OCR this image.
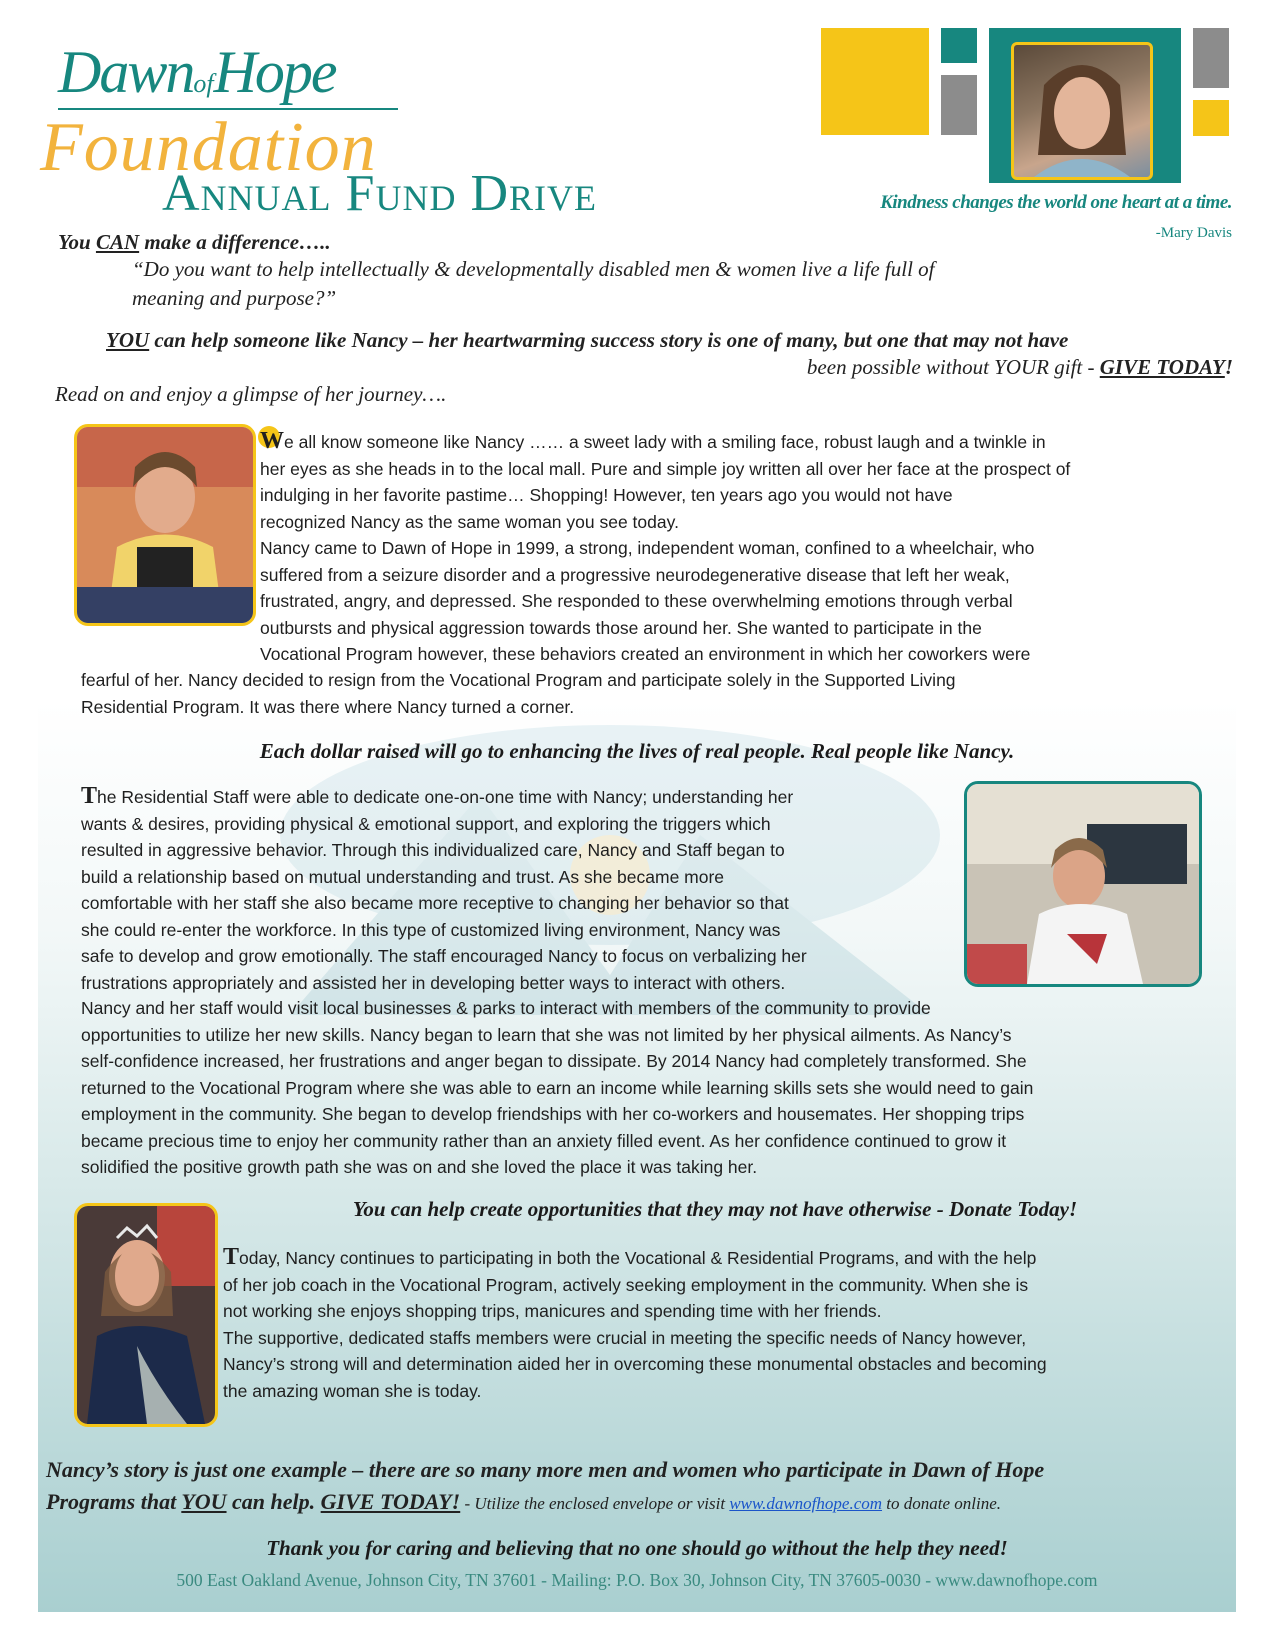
DawnofHope
Foundation
Annual Fund Drive	Kindness changes the world one heart at a time.
-Mary Davis
You CAN make a difference…..
“Do you want to help intellectually & developmentally disabled men & women live a life full of
meaning and purpose?”
YOU can help someone like Nancy – her heartwarming success story is one of many, but one that may not have
been possible without YOUR gift - GIVE TODAY!
Read on and enjoy a glimpse of her journey….
We all know someone like Nancy …… a sweet lady with a smiling face, robust laugh and a twinkle in
her eyes as she heads in to the local mall. Pure and simple joy written all over her face at the prospect of
indulging in her favorite pastime… Shopping! However, ten years ago you would not have
recognized Nancy as the same woman you see today.
Nancy came to Dawn of Hope in 1999, a strong, independent woman, confined to a wheelchair, who
suffered from a seizure disorder and a progressive neurodegenerative disease that left her weak,
frustrated, angry, and depressed. She responded to these overwhelming emotions through verbal
outbursts and physical aggression towards those around her. She wanted to participate in the
Vocational Program however, these behaviors created an environment in which her coworkers were
fearful of her. Nancy decided to resign from the Vocational Program and participate solely in the Supported Living
Residential Program. It was there where Nancy turned a corner.
Each dollar raised will go to enhancing the lives of real people. Real people like Nancy.
The Residential Staff were able to dedicate one-on-one time with Nancy; understanding her
wants & desires, providing physical & emotional support, and exploring the triggers which
resulted in aggressive behavior. Through this individualized care, Nancy and Staff began to
build a relationship based on mutual understanding and trust. As she became more
comfortable with her staff she also became more receptive to changing her behavior so that
she could re-enter the workforce. In this type of customized living environment, Nancy was
safe to develop and grow emotionally. The staff encouraged Nancy to focus on verbalizing her
frustrations appropriately and assisted her in developing better ways to interact with others.
Nancy and her staff would visit local businesses & parks to interact with members of the community to provide
opportunities to utilize her new skills. Nancy began to learn that she was not limited by her physical ailments. As Nancy’s
self-confidence increased, her frustrations and anger began to dissipate. By 2014 Nancy had completely transformed. She
returned to the Vocational Program where she was able to earn an income while learning skills sets she would need to gain
employment in the community. She began to develop friendships with her co-workers and housemates. Her shopping trips
became precious time to enjoy her community rather than an anxiety filled event. As her confidence continued to grow it
solidified the positive growth path she was on and she loved the place it was taking her.
You can help create opportunities that they may not have otherwise - Donate Today!
Today, Nancy continues to participating in both the Vocational & Residential Programs, and with the help
of her job coach in the Vocational Program, actively seeking employment in the community. When she is
not working she enjoys shopping trips, manicures and spending time with her friends.
The supportive, dedicated staffs members were crucial in meeting the specific needs of Nancy however,
Nancy’s strong will and determination aided her in overcoming these monumental obstacles and becoming
the amazing woman she is today.
Nancy’s story is just one example – there are so many more men and women who participate in Dawn of Hope
Programs that YOU can help. GIVE TODAY! - Utilize the enclosed envelope or visit www.dawnofhope.com to donate online.
Thank you for caring and believing that no one should go without the help they need!
500 East Oakland Avenue, Johnson City, TN 37601 - Mailing: P.O. Box 30, Johnson City, TN 37605-0030 - www.dawnofhope.com
